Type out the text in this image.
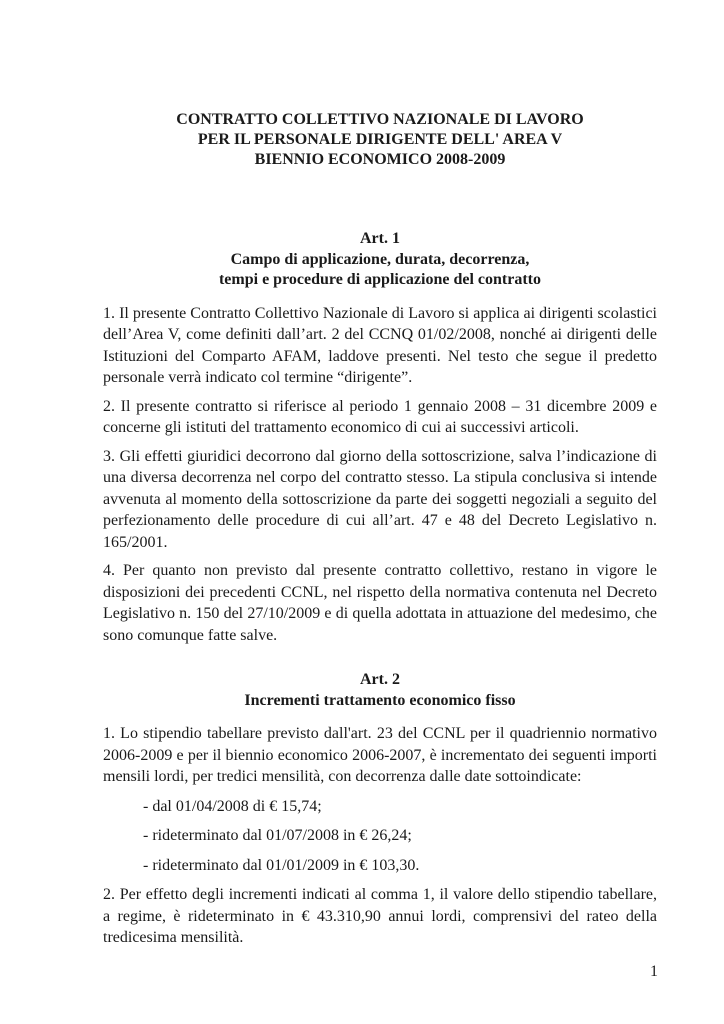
CONTRATTO COLLETTIVO NAZIONALE DI LAVORO
PER IL PERSONALE DIRIGENTE DELL' AREA V
BIENNIO ECONOMICO 2008-2009
Art. 1
Campo di applicazione, durata, decorrenza,
tempi e procedure di applicazione del contratto

1. Il presente Contratto Collettivo Nazionale di Lavoro si applica ai dirigenti scolastici dell’Area V, come definiti dall’art. 2 del CCNQ 01/02/2008, nonché ai dirigenti delle Istituzioni del Comparto AFAM, laddove presenti. Nel testo che segue il predetto personale verrà indicato col termine “dirigente”.

2. Il presente contratto si riferisce al periodo 1 gennaio 2008 – 31 dicembre 2009 e concerne gli istituti del trattamento economico di cui ai successivi articoli.

3. Gli effetti giuridici decorrono dal giorno della sottoscrizione, salva l’indicazione di una diversa decorrenza nel corpo del contratto stesso. La stipula conclusiva si intende avvenuta al momento della sottoscrizione da parte dei soggetti negoziali a seguito del perfezionamento delle procedure di cui all’art. 47 e 48 del Decreto Legislativo n. 165/2001.

4. Per quanto non previsto dal presente contratto collettivo, restano in vigore le disposizioni dei precedenti CCNL, nel rispetto della normativa contenuta nel Decreto Legislativo n. 150 del 27/10/2009 e di quella adottata in attuazione del medesimo, che sono comunque fatte salve.

Art. 2
Incrementi trattamento economico fisso

1. Lo stipendio tabellare previsto dall'art. 23 del CCNL per il quadriennio normativo 2006-2009 e per il biennio economico 2006-2007, è incrementato dei seguenti importi mensili lordi, per tredici mensilità, con decorrenza dalle date sottoindicate:

- dal 01/04/2008 di € 15,74;
- rideterminato dal 01/07/2008 in € 26,24;
- rideterminato dal 01/01/2009 in € 103,30.

2. Per effetto degli incrementi indicati al comma 1, il valore dello stipendio tabellare, a regime, è rideterminato in € 43.310,90 annui lordi, comprensivi del rateo della tredicesima mensilità.

1
